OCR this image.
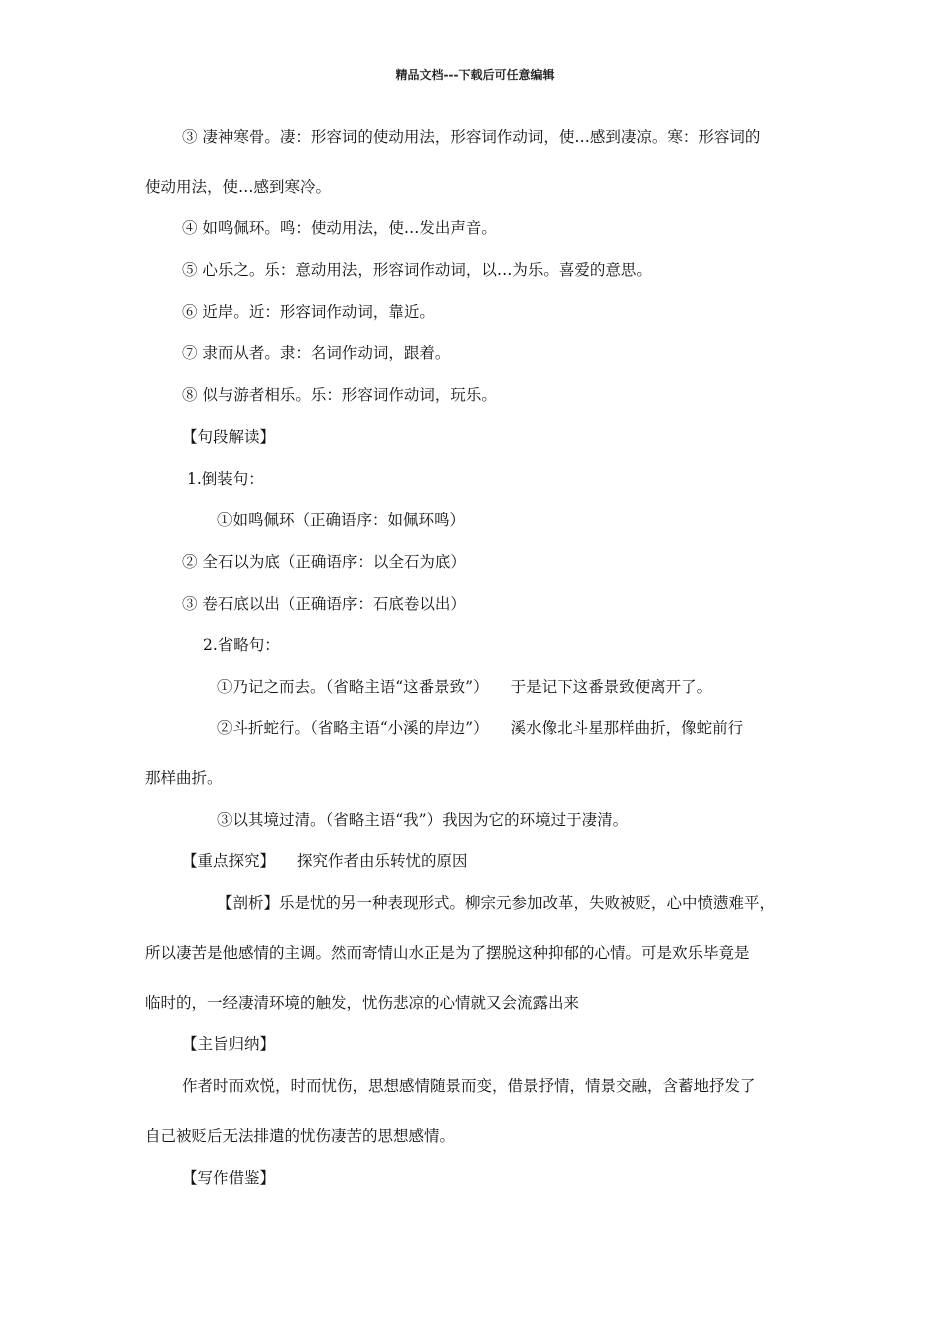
精品文档---下载后可任意编辑

③ 凄神寒骨。凄：形容词的使动用法，形容词作动词，使…感到凄凉。寒：形容词的

使动用法，使…感到寒冷。

④ 如鸣佩环。鸣：使动用法，使…发出声音。

⑤ 心乐之。乐：意动用法，形容词作动词，以…为乐。喜爱的意思。

⑥ 近岸。近：形容词作动词，靠近。

⑦ 隶而从者。隶：名词作动词，跟着。

⑧ 似与游者相乐。乐：形容词作动词，玩乐。

【句段解读】

1.倒装句：

①如鸣佩环（正确语序：如佩环鸣）

② 全石以为底（正确语序：以全石为底）

③ 卷石底以出（正确语序：石底卷以出）

2.省略句：

①乃记之而去。（省略主语“这番景致”） 于是记下这番景致便离开了。

②斗折蛇行。（省略主语“小溪的岸边”） 溪水像北斗星那样曲折，像蛇前行

那样曲折。

③以其境过清。（省略主语“我”）我因为它的环境过于凄清。

【重点探究】 探究作者由乐转忧的原因

【剖析】乐是忧的另一种表现形式。柳宗元参加改革，失败被贬，心中愤懑难平，

所以凄苦是他感情的主调。然而寄情山水正是为了摆脱这种抑郁的心情。可是欢乐毕竟是

临时的，一经凄清环境的触发，忧伤悲凉的心情就又会流露出来

【主旨归纳】

作者时而欢悦，时而忧伤，思想感情随景而变，借景抒情，情景交融，含蓄地抒发了

自己被贬后无法排遣的忧伤凄苦的思想感情。

【写作借鉴】
